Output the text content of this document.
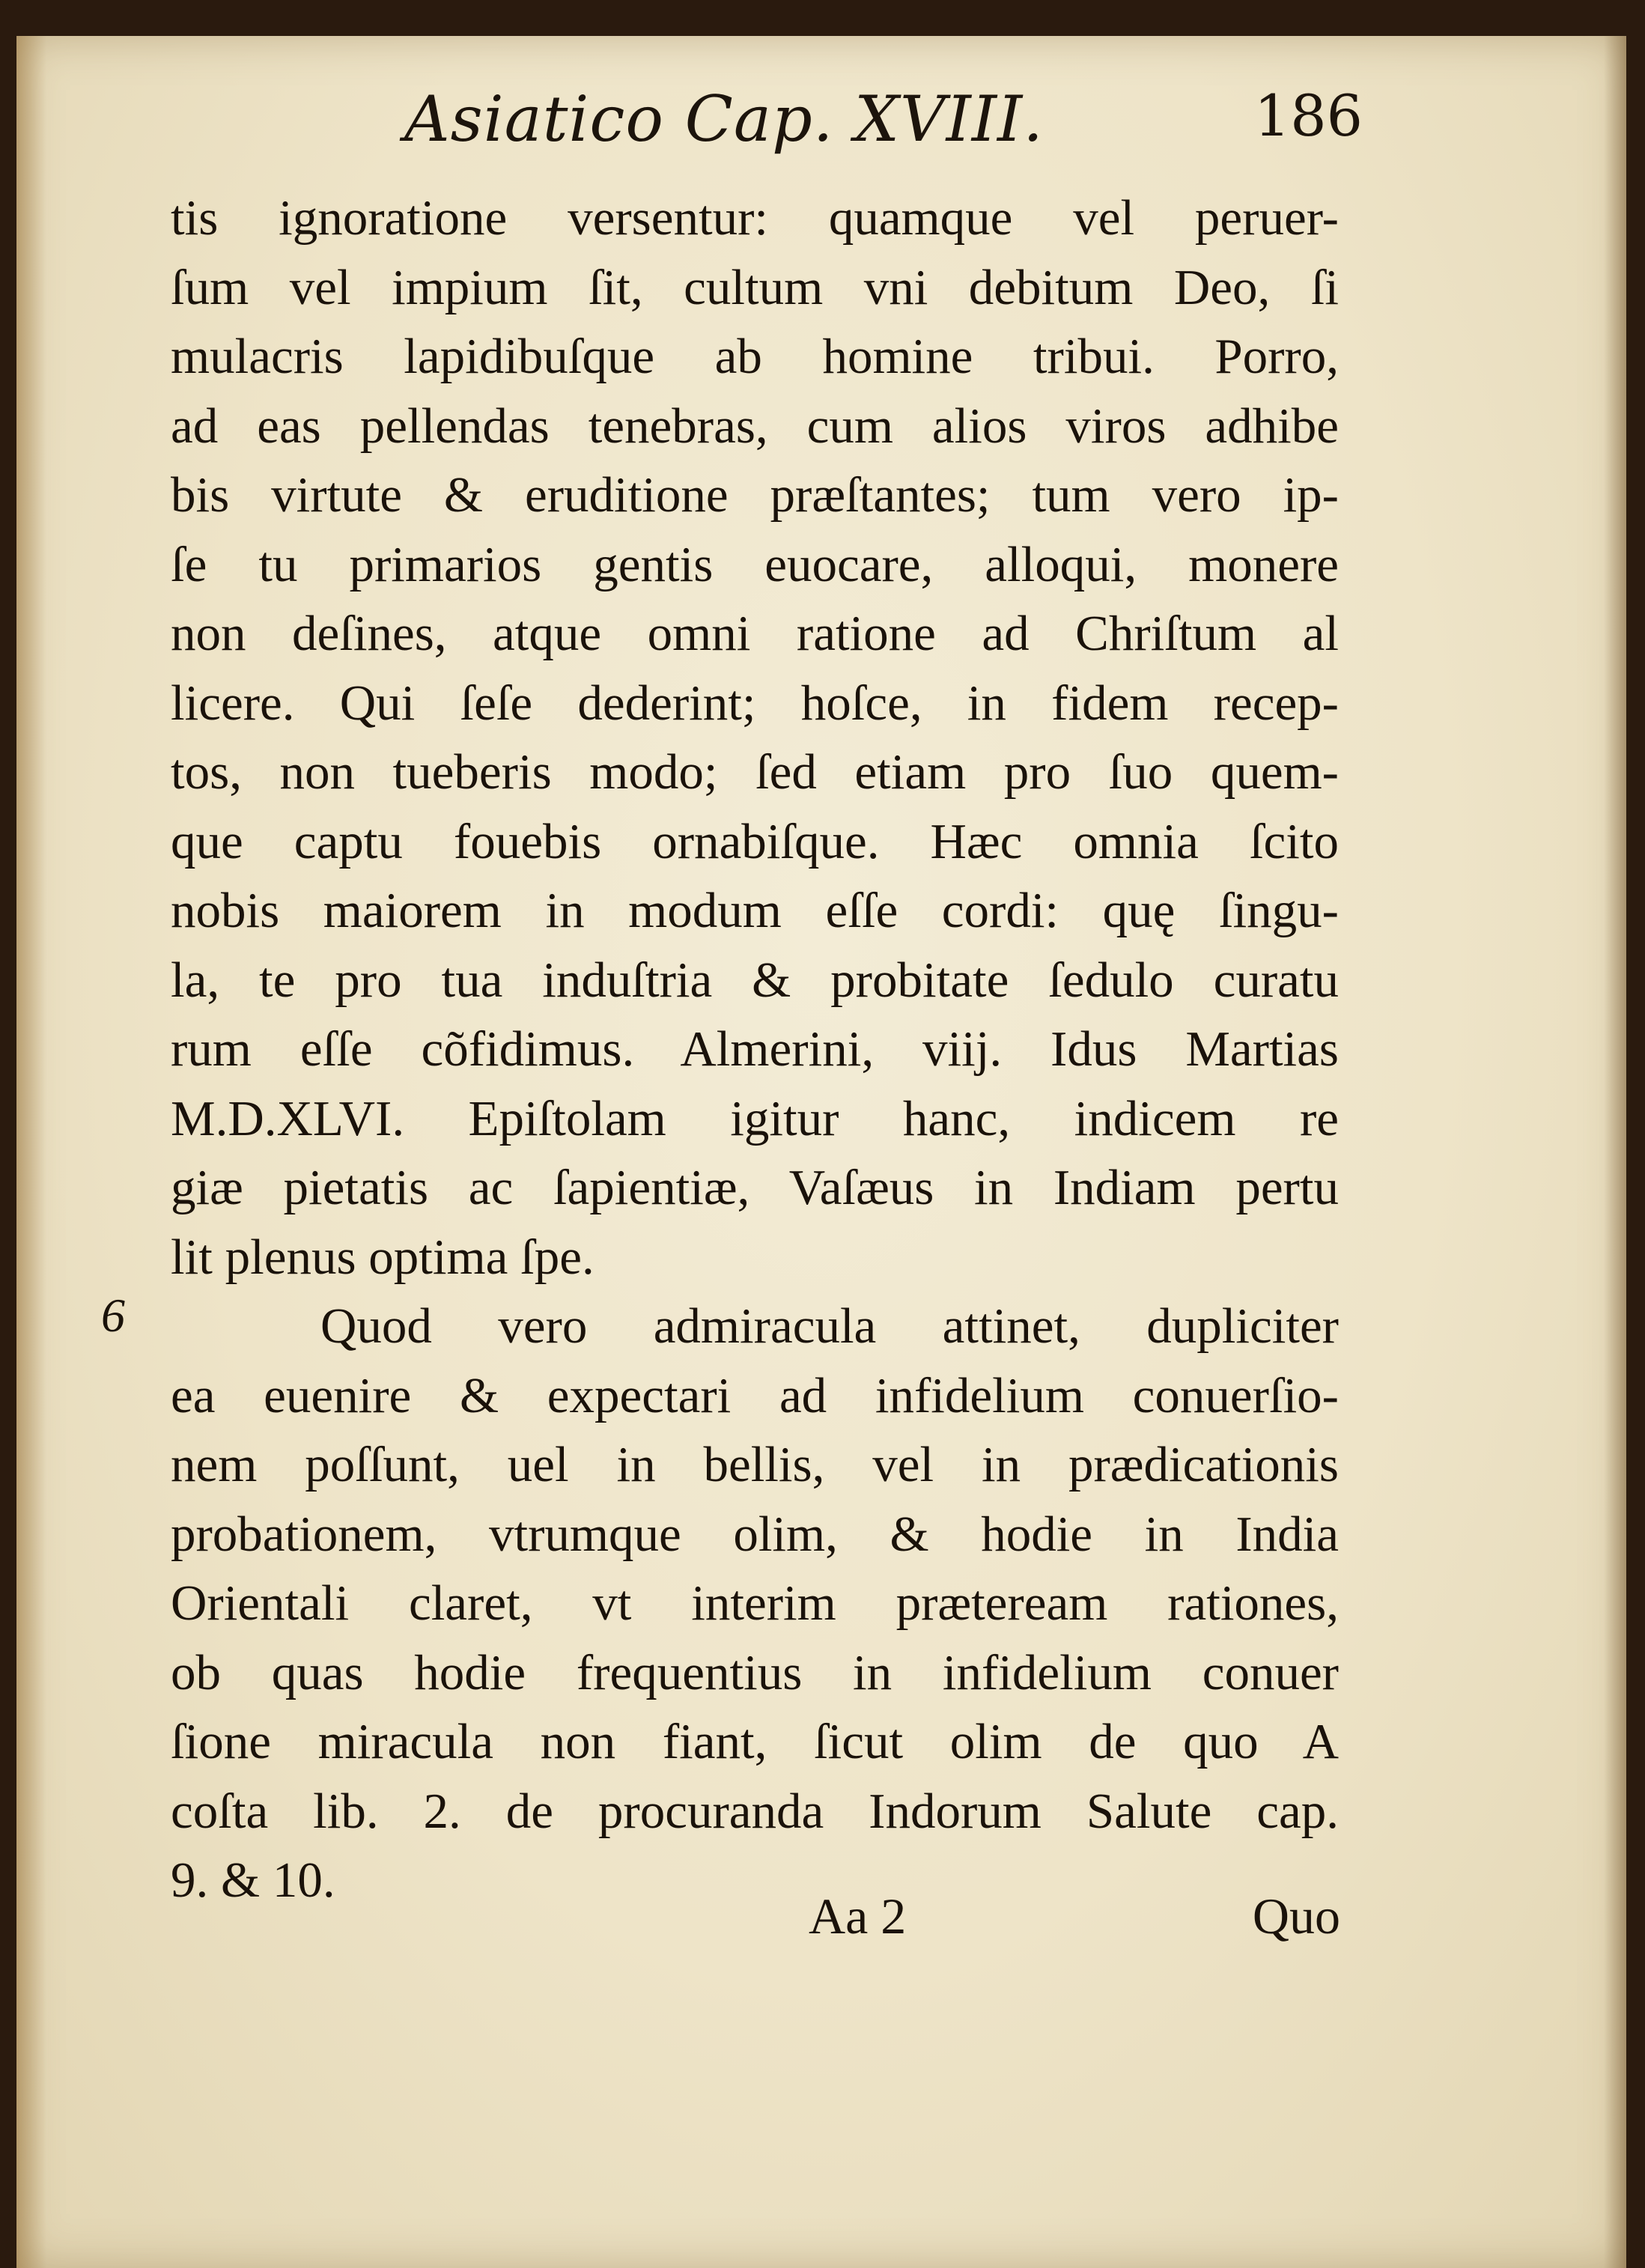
Asiatico Cap. XVIII.	186
tis ignoratione versentur: quamque vel peruer-
ſum vel impium ſit, cultum vni debitum Deo, ſi
mulacris lapidibuſque ab homine tribui. Porro,
ad eas pellendas tenebras, cum alios viros adhibe
bis virtute & eruditione præſtantes; tum vero ip-
ſe tu primarios gentis euocare, alloqui, monere
non deſines, atque omni ratione ad Chriſtum al
licere. Qui ſeſe dederint; hoſce, in fidem recep-
tos, non tueberis modo; ſed etiam pro ſuo quem-
que captu fouebis ornabiſque. Hæc omnia ſcito
nobis maiorem in modum eſſe cordi: quę ſingu-
la, te pro tua induſtria & probitate ſedulo curatu
rum eſſe cõfidimus. Almerini, viij. Idus Martias
M.D.XLVI. Epiſtolam igitur hanc, indicem re
giæ pietatis ac ſapientiæ, Vaſæus in Indiam pertu
lit plenus optima ſpe.
Quod vero admiracula attinet, dupliciter
ea euenire & expectari ad infidelium conuerſio-
nem poſſunt, uel in bellis, vel in prædicationis
probationem, vtrumque olim, & hodie in India
Orientali claret, vt interim præteream rationes,
ob quas hodie frequentius in infidelium conuer
ſione miracula non fiant, ſicut olim de quo A
coſta lib. 2. de procuranda Indorum Salute cap.
9. & 10.
6
Aa 2	Quo
